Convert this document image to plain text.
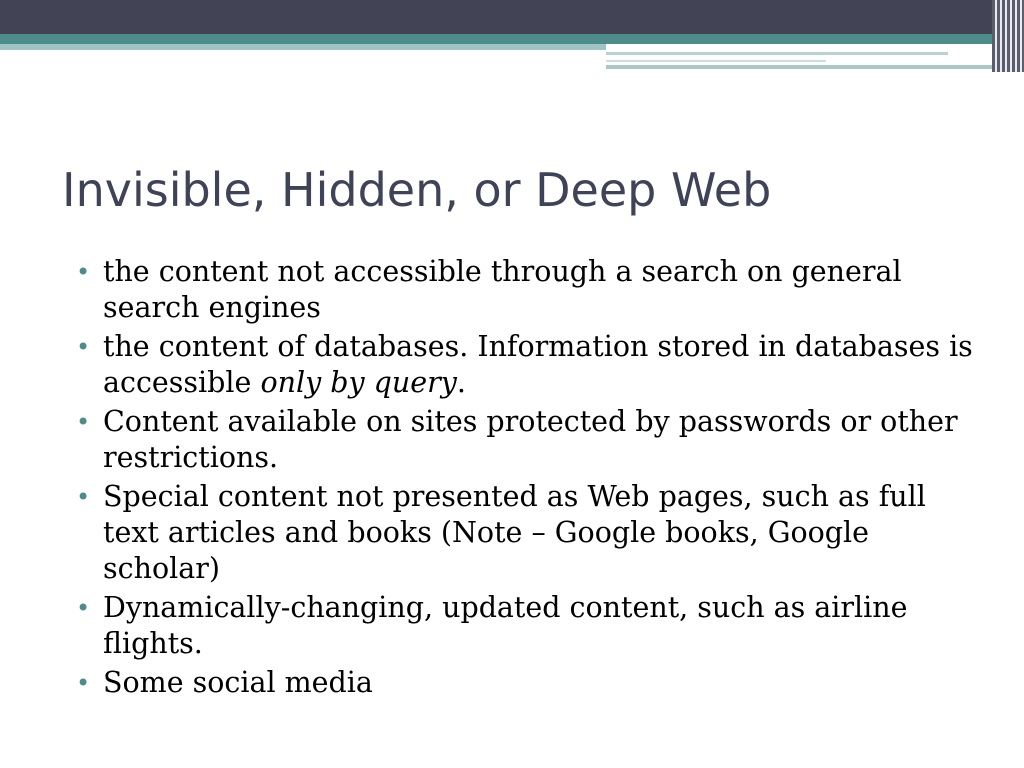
Invisible, Hidden, or Deep Web
• the content not accessible through a search on general search engines
• the content of databases. Information stored in databases is accessible only by query.
• Content available on sites protected by passwords or other restrictions.
• Special content not presented as Web pages, such as full text articles and books (Note – Google books, Google scholar)
• Dynamically-changing, updated content, such as airline flights.
• Some social media
